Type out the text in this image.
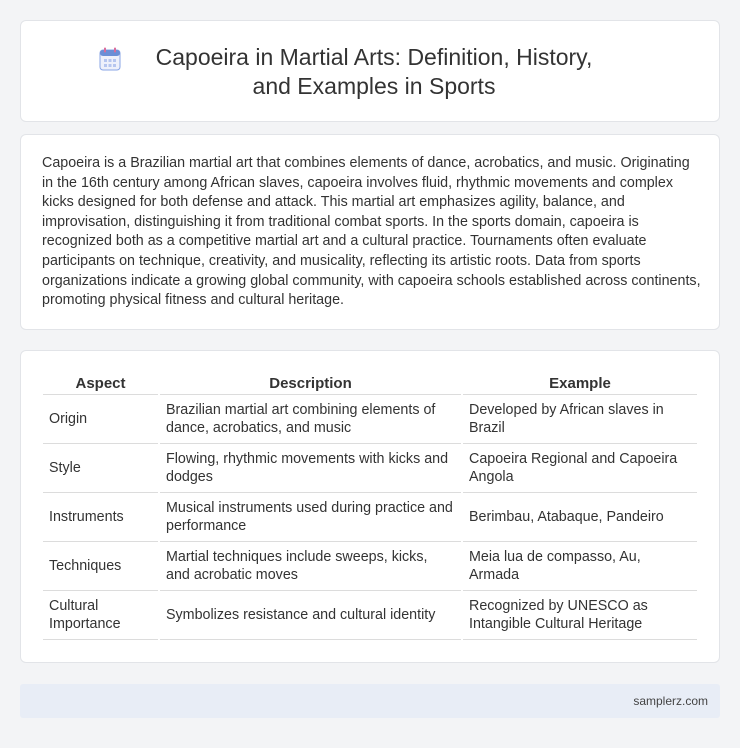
Capoeira in Martial Arts: Definition, History, and Examples in Sports

Capoeira is a Brazilian martial art that combines elements of dance, acrobatics, and music. Originating in the 16th century among African slaves, capoeira involves fluid, rhythmic movements and complex kicks designed for both defense and attack. This martial art emphasizes agility, balance, and improvisation, distinguishing it from traditional combat sports. In the sports domain, capoeira is recognized both as a competitive martial art and a cultural practice. Tournaments often evaluate participants on technique, creativity, and musicality, reflecting its artistic roots. Data from sports organizations indicate a growing global community, with capoeira schools established across continents, promoting physical fitness and cultural heritage.

Aspect	Description	Example
Origin	Brazilian martial art combining elements of dance, acrobatics, and music	Developed by African slaves in Brazil
Style	Flowing, rhythmic movements with kicks and dodges	Capoeira Regional and Capoeira Angola
Instruments	Musical instruments used during practice and performance	Berimbau, Atabaque, Pandeiro
Techniques	Martial techniques include sweeps, kicks, and acrobatic moves	Meia lua de compasso, Au, Armada
Cultural Importance	Symbolizes resistance and cultural identity	Recognized by UNESCO as Intangible Cultural Heritage
samplerz.com
